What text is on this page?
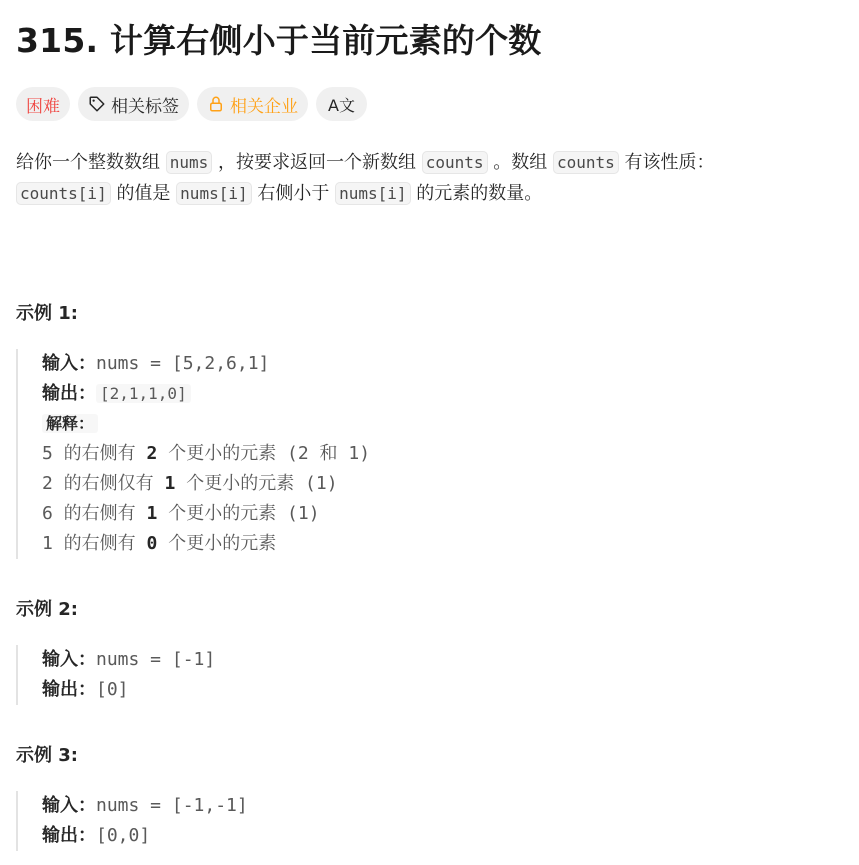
315. 计算右侧小于当前元素的个数
困难	相关标签	相关企业 A文
给你一个整数数组 nums ，按要求返回一个新数组 counts 。数组 counts 有该性质：
counts[i] 的值是 nums[i] 右侧小于 nums[i] 的元素的数量。
示例 1:
输入：nums = [5,2,6,1]
输出： [2,1,1,0]
解释：
5 的右侧有 2 个更小的元素 (2 和 1)
2 的右侧仅有 1 个更小的元素 (1)
6 的右侧有 1 个更小的元素 (1)
1 的右侧有 0 个更小的元素
示例 2:
输入：nums = [-1]
输出：[0]
示例 3:
输入：nums = [-1,-1]
输出：[0,0]
